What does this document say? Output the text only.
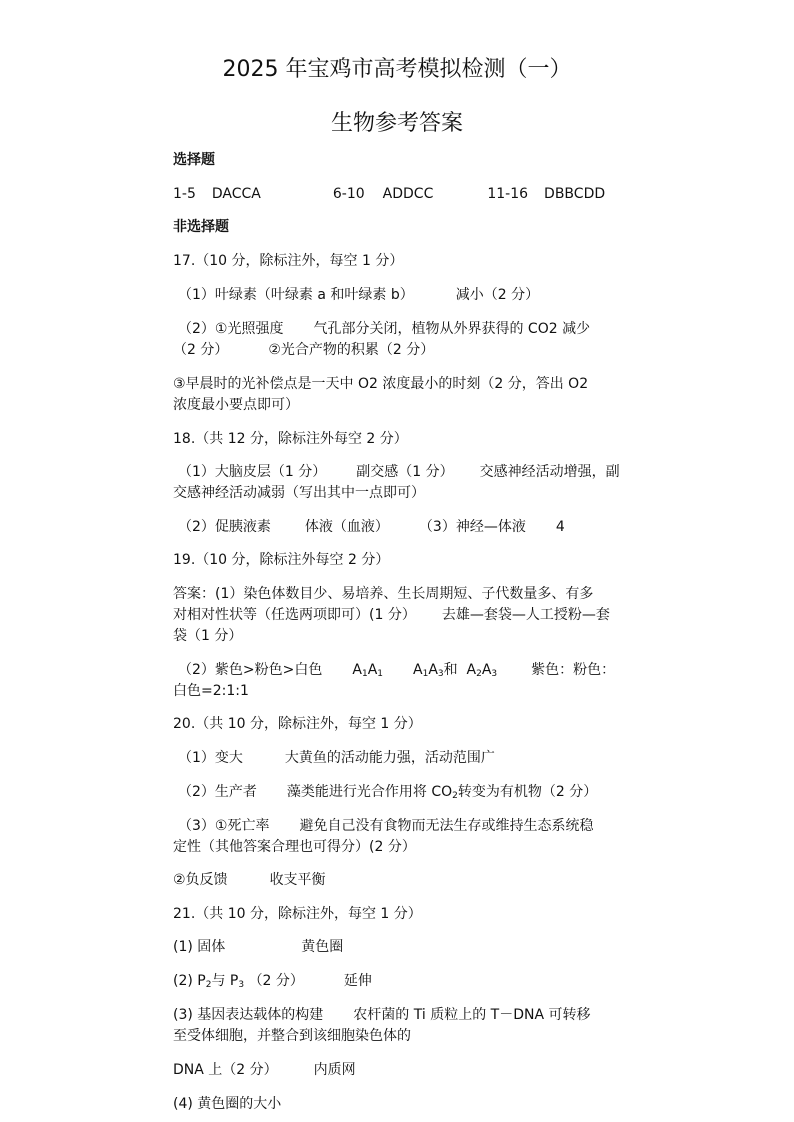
2025 年宝鸡市高考模拟检测（一）
生物参考答案

选择题

1-5 DACCA	6-10 ADDCC	11-16 DBBCDD

非选择题

17.（10 分，除标注外，每空 1 分）

（1）叶绿素（叶绿素 a 和叶绿素 b）	减小（2 分）

（2）①光照强度 气孔部分关闭，植物从外界获得的 CO2 减少

（2 分）	②光合产物的积累（2 分）

③早晨时的光补偿点是一天中 O2 浓度最小的时刻（2 分，答出 O2

浓度最小要点即可）

18.（共 12 分，除标注外每空 2 分）

（1）大脑皮层（1 分） 副交感（1 分） 交感神经活动增强，副

交感神经活动减弱（写出其中一点即可）

（2）促胰液素 体液（血液） （3）神经—体液 4

19.（10 分，除标注外每空 2 分）

答案：(1）染色体数目少、易培养、生长周期短、子代数量多、有多

对相对性状等（任选两项即可）(1 分） 去雄—套袋—人工授粉—套

袋（1 分）

（2）紫色>粉色>白色 $A_1A_1$ $A_1A_3$和 $A_2A_3$ 紫色：粉色：

白色=2:1:1

20.（共 10 分，除标注外，每空 1 分）

（1）变大	大黄鱼的活动能力强，活动范围广

（2）生产者 藻类能进行光合作用将 $CO_2$转变为有机物（2 分）

（3）①死亡率 避免自己没有食物而无法生存或维持生态系统稳

定性（其他答案合理也可得分）(2 分）

②负反馈	收支平衡

21.（共 10 分，除标注外，每空 1 分）

(1) 固体	黄色圈

(2) $P_2$与 $P_3$ （2 分）	延伸

(3) 基因表达载体的构建 农杆菌的 Ti 质粒上的 T－DNA 可转移

至受体细胞，并整合到该细胞染色体的

DNA 上（2 分）	内质网

(4) 黄色圈的大小
